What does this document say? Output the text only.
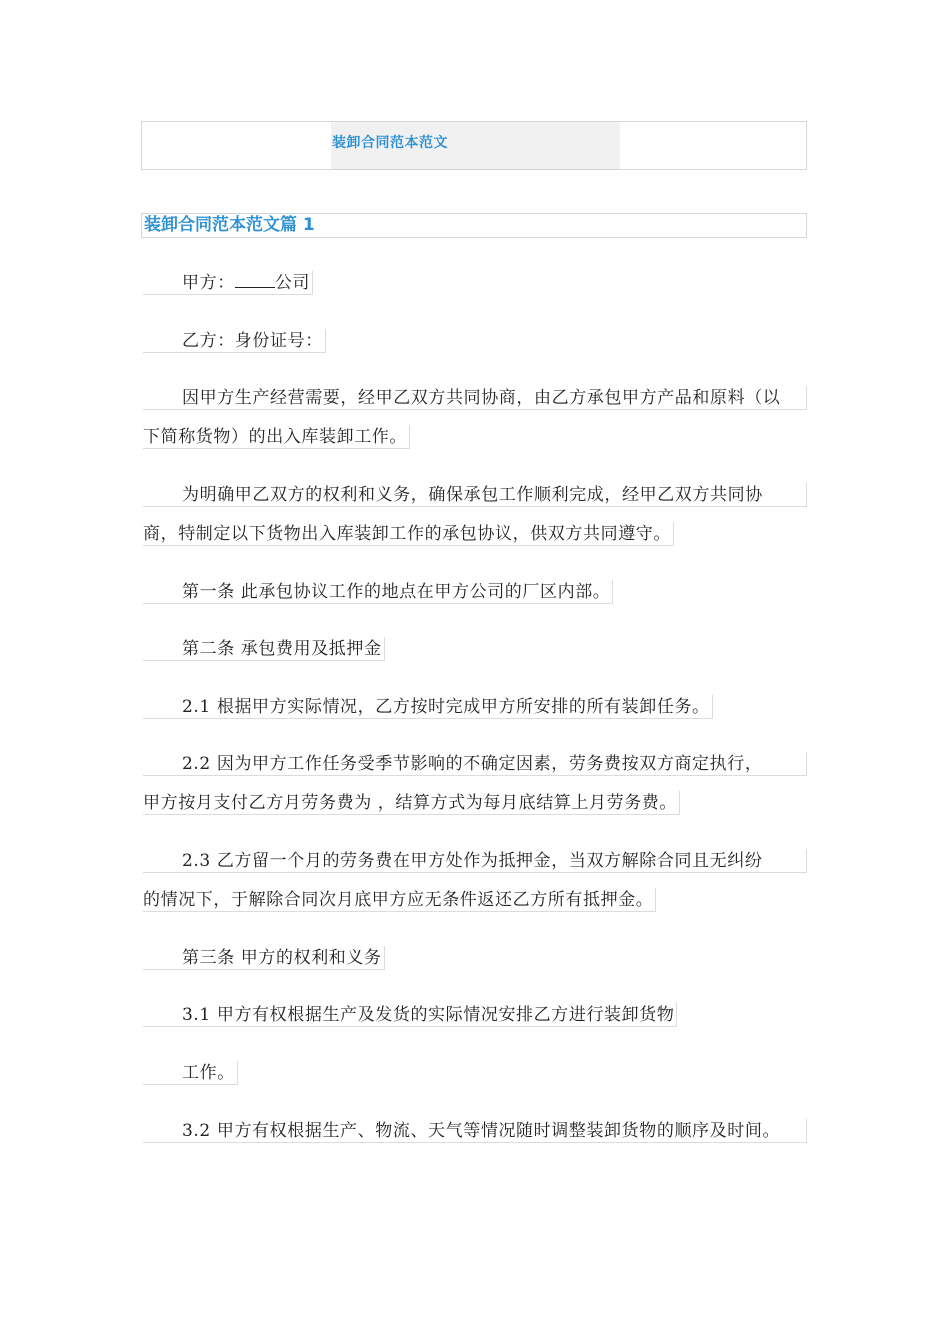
装卸合同范本范文
装卸合同范本范文篇 1
甲方： 公司
乙方：身份证号：
因甲方生产经营需要，经甲乙双方共同协商，由乙方承包甲方产品和原料（以
下简称货物）的出入库装卸工作。
为明确甲乙双方的权利和义务，确保承包工作顺利完成，经甲乙双方共同协
商，特制定以下货物出入库装卸工作的承包协议，供双方共同遵守。
第一条 此承包协议工作的地点在甲方公司的厂区内部。
第二条 承包费用及抵押金
2.1 根据甲方实际情况，乙方按时完成甲方所安排的所有装卸任务。
2.2 因为甲方工作任务受季节影响的不确定因素，劳务费按双方商定执行，
甲方按月支付乙方月劳务费为 ，结算方式为每月底结算上月劳务费。
2.3 乙方留一个月的劳务费在甲方处作为抵押金，当双方解除合同且无纠纷
的情况下，于解除合同次月底甲方应无条件返还乙方所有抵押金。
第三条 甲方的权利和义务
3.1 甲方有权根据生产及发货的实际情况安排乙方进行装卸货物
工作。
3.2 甲方有权根据生产、物流、天气等情况随时调整装卸货物的顺序及时间。
